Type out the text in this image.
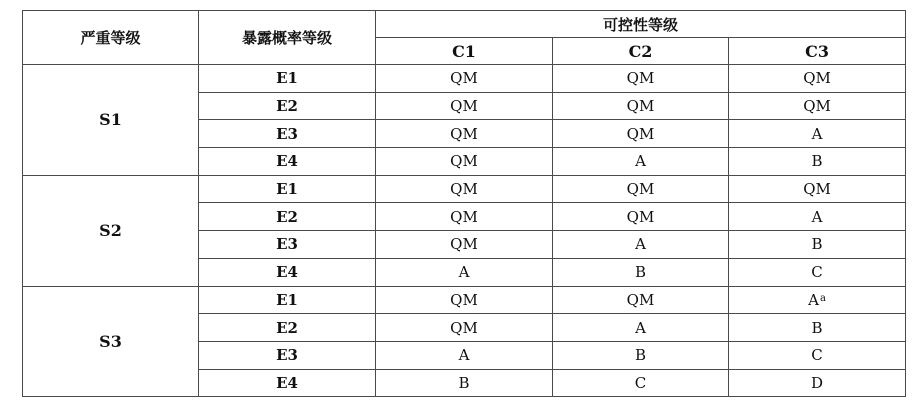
严重等级	暴露概率等级	可控性等级		
		C1	C2	C3
S1	E1	QM	QM	QM
	E2	QM	QM	QM
	E3	QM	QM	A
	E4	QM	A	B
S2	E1	QM	QM	QM
	E2	QM	QM	A
	E3	QM	A	B
	E4	A	B	C
S3	E1	QM	QM	A$^a$
	E2	QM	A	B
	E3	A	B	C
	E4	B	C	D
